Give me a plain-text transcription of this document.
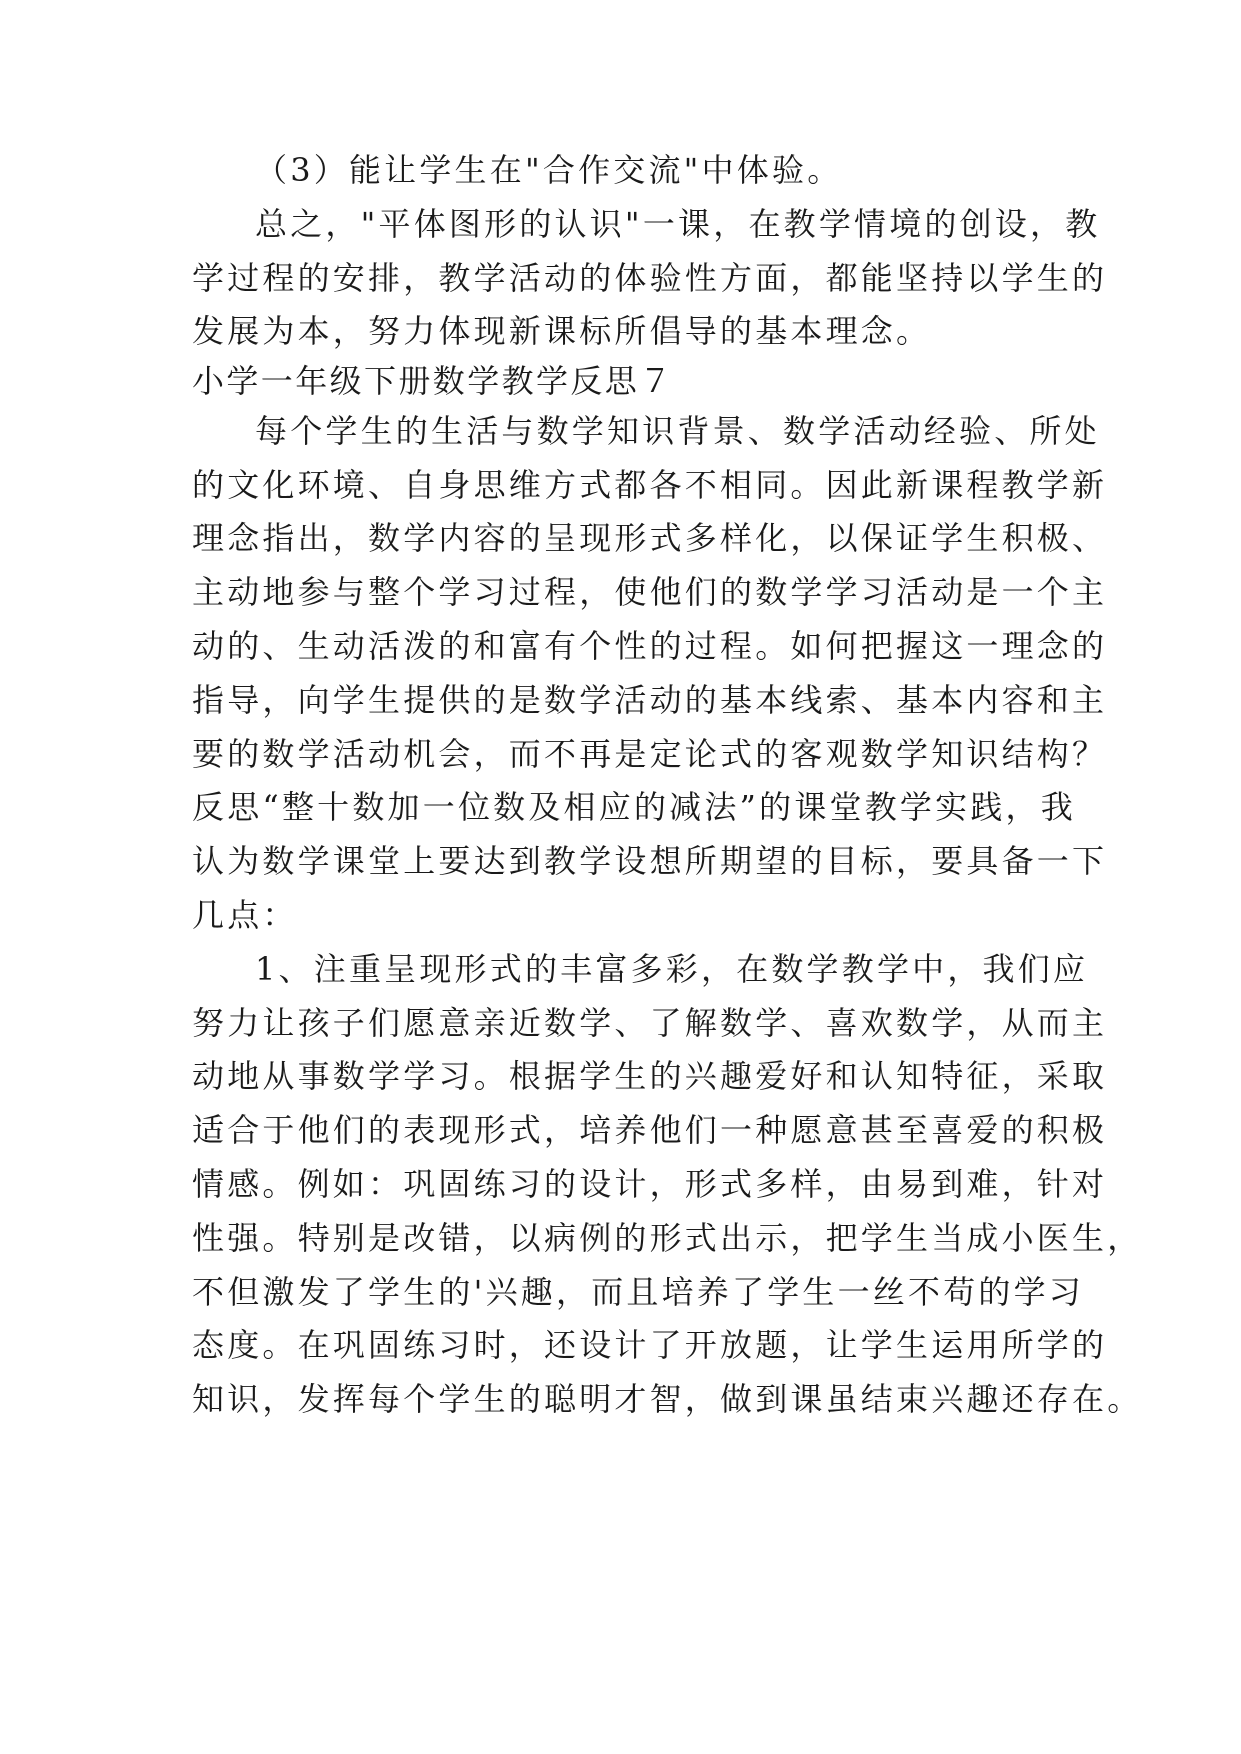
（3）能让学生在"合作交流"中体验。

总之，"平体图形的认识"一课，在教学情境的创设，教

学过程的安排，教学活动的体验性方面，都能坚持以学生的

发展为本，努力体现新课标所倡导的基本理念。

小学一年级下册数学教学反思７

每个学生的生活与数学知识背景、数学活动经验、所处

的文化环境、自身思维方式都各不相同。因此新课程教学新

理念指出，数学内容的呈现形式多样化，以保证学生积极、

主动地参与整个学习过程，使他们的数学学习活动是一个主

动的、生动活泼的和富有个性的过程。如何把握这一理念的

指导，向学生提供的是数学活动的基本线索、基本内容和主

要的数学活动机会，而不再是定论式的客观数学知识结构？

反思“整十数加一位数及相应的减法”的课堂教学实践，我

认为数学课堂上要达到教学设想所期望的目标，要具备一下

几点：

1、注重呈现形式的丰富多彩，在数学教学中，我们应

努力让孩子们愿意亲近数学、了解数学、喜欢数学，从而主

动地从事数学学习。根据学生的兴趣爱好和认知特征，采取

适合于他们的表现形式，培养他们一种愿意甚至喜爱的积极

情感。例如：巩固练习的设计，形式多样，由易到难，针对

性强。特别是改错，以病例的形式出示，把学生当成小医生，

不但激发了学生的'兴趣，而且培养了学生一丝不苟的学习

态度。在巩固练习时，还设计了开放题，让学生运用所学的

知识，发挥每个学生的聪明才智，做到课虽结束兴趣还存在。
